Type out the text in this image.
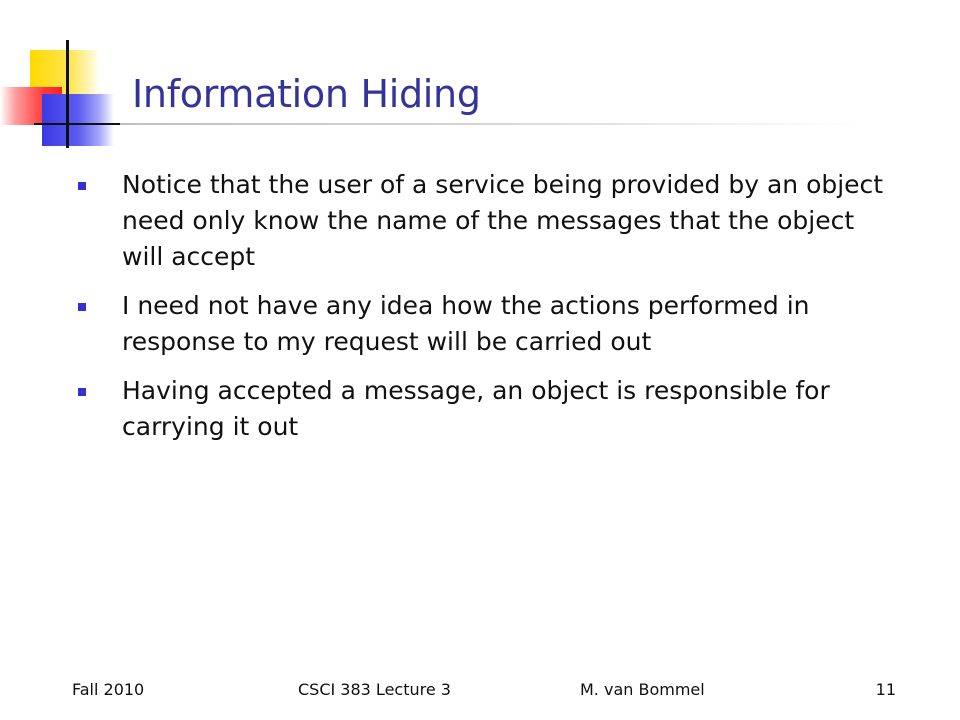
Information Hiding
Notice that the user of a service being provided by an object need only know the name of the messages that the object will accept
I need not have any idea how the actions performed in response to my request will be carried out
Having accepted a message, an object is responsible for carrying it out
Fall 2010	CSCI 383 Lecture 3	M. van Bommel	11
